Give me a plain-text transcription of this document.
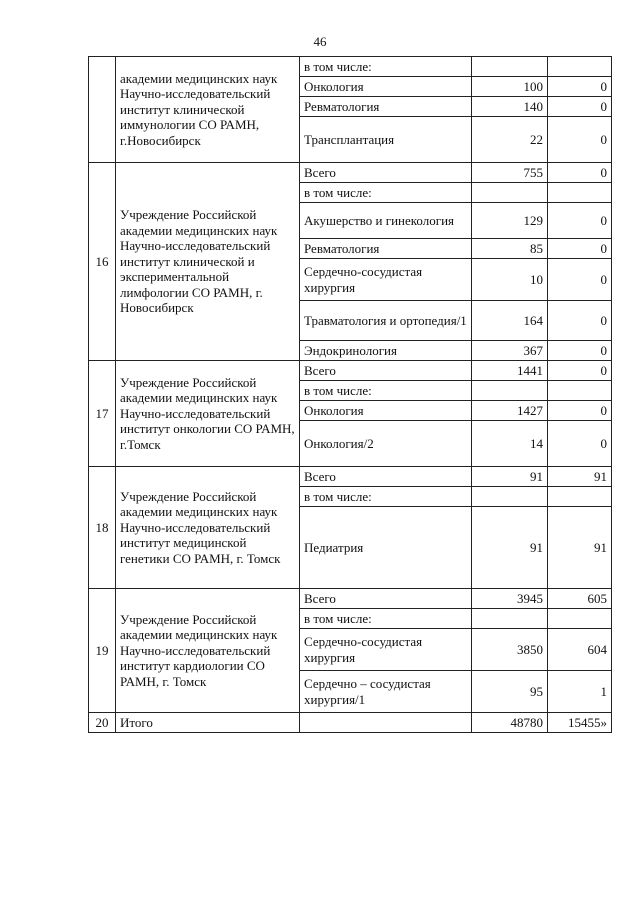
46
	академии медицинских наук Научно-исследовательский институт клинической иммунологии СО РАМН, г.Новосибирск	в том числе:		
		Онкология	100	0
		Ревматология	140	0
		Трансплантация	22	0
16	Учреждение Российской академии медицинских наук Научно-исследовательский институт клинической и экспериментальной лимфологии СО РАМН, г. Новосибирск	Всего	755	0
		в том числе:		
		Акушерство и гинекология	129	0
		Ревматология	85	0
		Сердечно-сосудистая хирургия	10	0
		Травматология и ортопедия/1	164	0
		Эндокринология	367	0
17	Учреждение Российской академии медицинских наук Научно-исследовательский институт онкологии СО РАМН, г.Томск	Всего	1441	0
		в том числе:		
		Онкология	1427	0
		Онкология/2	14	0
18	Учреждение Российской академии медицинских наук Научно-исследовательский институт медицинской генетики СО РАМН, г. Томск	Всего	91	91
		в том числе:		
		Педиатрия	91	91
19	Учреждение Российской академии медицинских наук Научно-исследовательский институт кардиологии СО РАМН, г. Томск	Всего	3945	605
		в том числе:		
		Сердечно-сосудистая хирургия	3850	604
		Сердечно – сосудистая хирургия/1	95	1
20	Итого		48780	15455»
